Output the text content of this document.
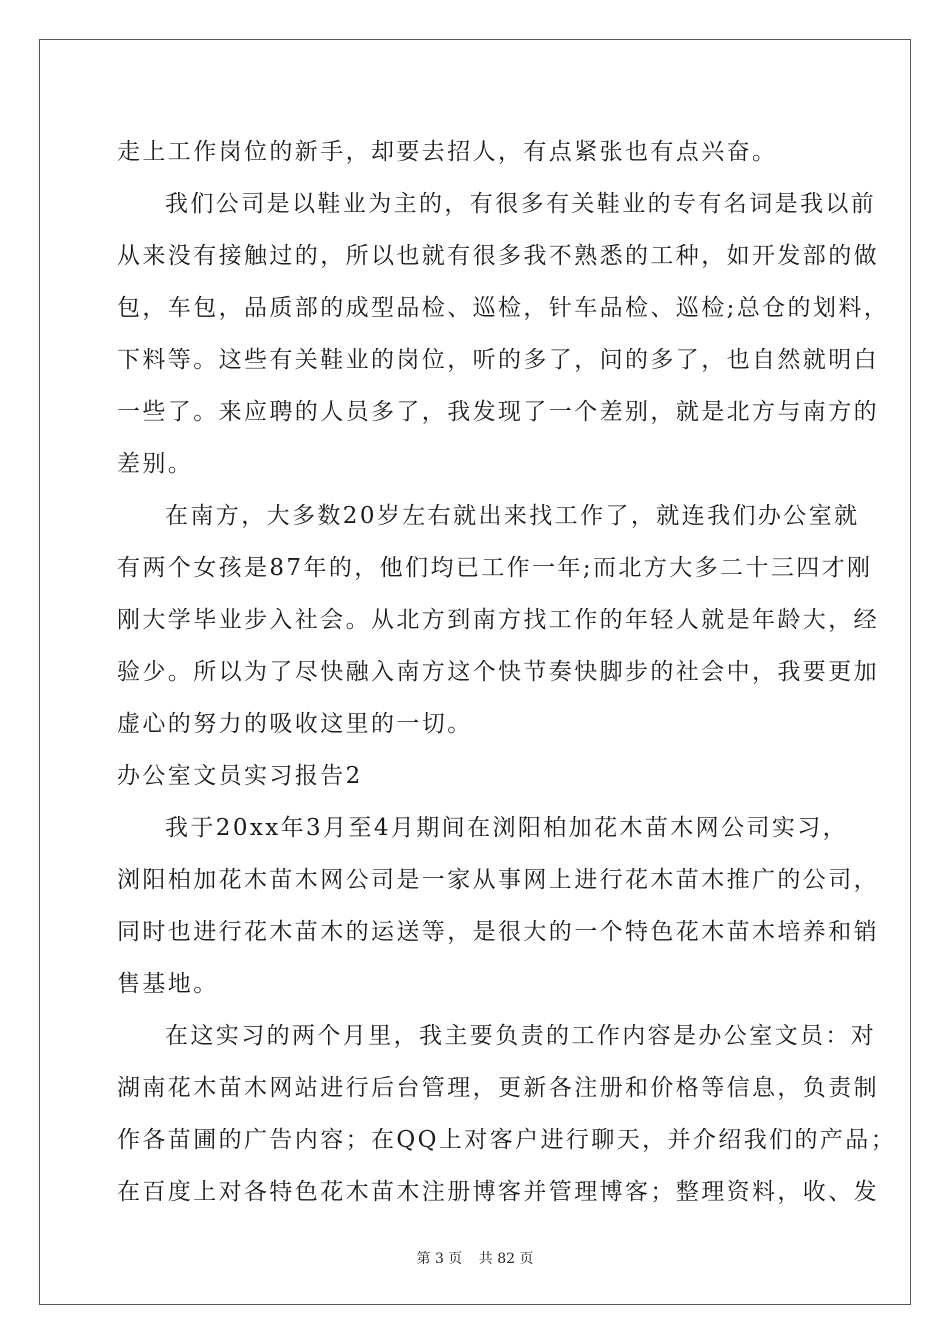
走上工作岗位的新手，却要去招人，有点紧张也有点兴奋。
我们公司是以鞋业为主的，有很多有关鞋业的专有名词是我以前
从来没有接触过的，所以也就有很多我不熟悉的工种，如开发部的做
包，车包，品质部的成型品检、巡检，针车品检、巡检;总仓的划料，
下料等。这些有关鞋业的岗位，听的多了，问的多了，也自然就明白
一些了。来应聘的人员多了，我发现了一个差别，就是北方与南方的
差别。
在南方，大多数20岁左右就出来找工作了，就连我们办公室就
有两个女孩是87年的，他们均已工作一年;而北方大多二十三四才刚
刚大学毕业步入社会。从北方到南方找工作的年轻人就是年龄大，经
验少。所以为了尽快融入南方这个快节奏快脚步的社会中，我要更加
虚心的努力的吸收这里的一切。
办公室文员实习报告2
我于20xx年3月至4月期间在浏阳柏加花木苗木网公司实习，
浏阳柏加花木苗木网公司是一家从事网上进行花木苗木推广的公司，
同时也进行花木苗木的运送等，是很大的一个特色花木苗木培养和销
售基地。
在这实习的两个月里，我主要负责的工作内容是办公室文员：对
湖南花木苗木网站进行后台管理，更新各注册和价格等信息，负责制
作各苗圃的广告内容；在QQ上对客户进行聊天，并介绍我们的产品；
在百度上对各特色花木苗木注册博客并管理博客；整理资料，收、发
第 3 页 共 82 页
